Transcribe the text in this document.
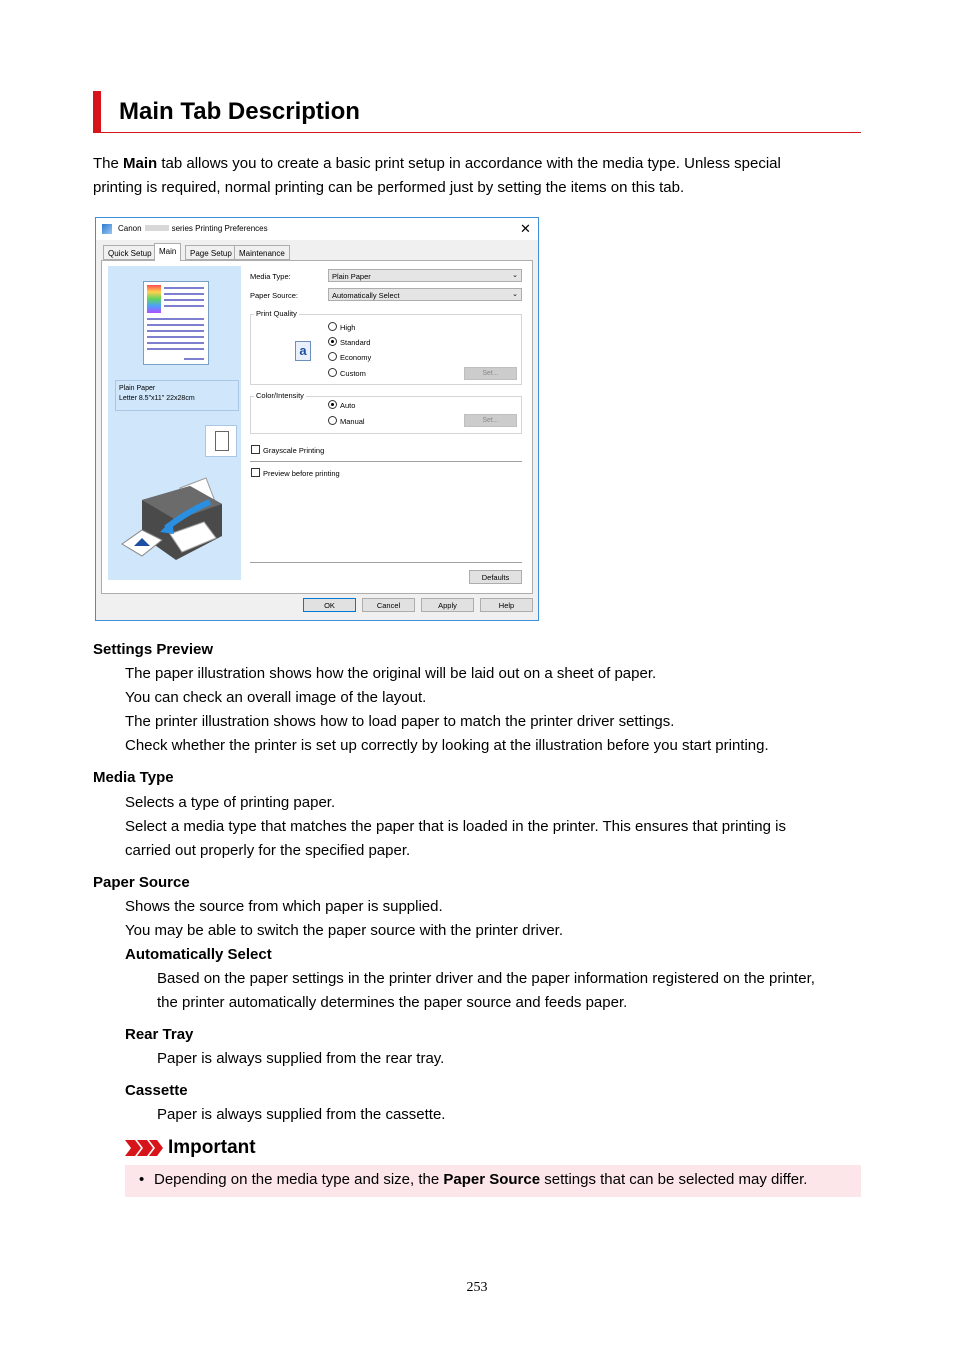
Main Tab Description
The Main tab allows you to create a basic print setup in accordance with the media type. Unless special
printing is required, normal printing can be performed just by setting the items on this tab.
Canon	series Printing Preferences	✕
Quick Setup Main	Page Setup Maintenance
Plain Paper
Letter 8.5"x11" 22x28cm
Media Type:	Plain Paper	⌄
Paper Source:	Automatically Select	⌄
Print Quality
a
High
Standard
Economy
Custom	Set...
Color/Intensity
Auto
Manual	Set...
Grayscale Printing
Preview before printing
Defaults
OK	Cancel	Apply	Help
Settings Preview
The paper illustration shows how the original will be laid out on a sheet of paper.
You can check an overall image of the layout.
The printer illustration shows how to load paper to match the printer driver settings.
Check whether the printer is set up correctly by looking at the illustration before you start printing.
Media Type
Selects a type of printing paper.
Select a media type that matches the paper that is loaded in the printer. This ensures that printing is
carried out properly for the specified paper.
Paper Source
Shows the source from which paper is supplied.
You may be able to switch the paper source with the printer driver.
Automatically Select
Based on the paper settings in the printer driver and the paper information registered on the printer,
the printer automatically determines the paper source and feeds paper.
Rear Tray
Paper is always supplied from the rear tray.
Cassette
Paper is always supplied from the cassette.
Important
• Depending on the media type and size, the Paper Source settings that can be selected may differ.
253
